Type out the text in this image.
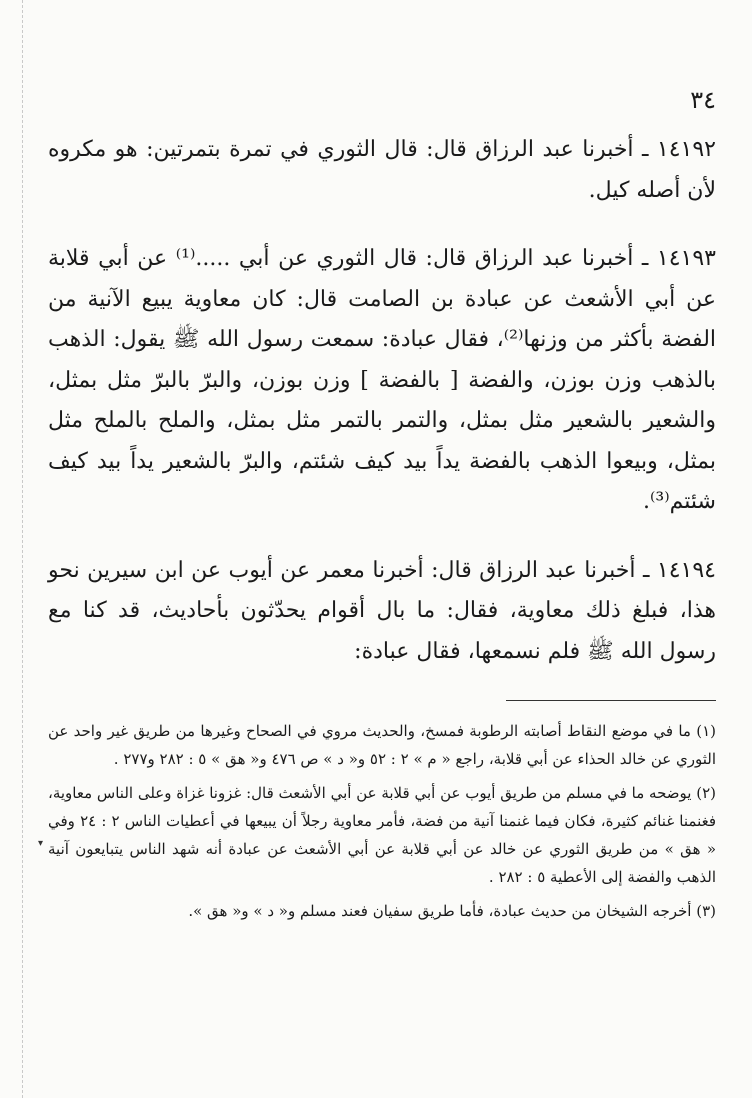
▾
٣٤

١٤١٩٢ ـ أخبرنا عبد الرزاق قال: قال الثوري في تمرة بتمرتين: هو مكروه لأن أصله كيل.

١٤١٩٣ ـ أخبرنا عبد الرزاق قال: قال الثوري عن أبي .....⁽¹⁾ عن أبي قلابة عن أبي الأشعث عن عبادة بن الصامت قال: كان معاوية يبيع الآنية من الفضة بأكثر من وزنها⁽²⁾، فقال عبادة: سمعت رسول الله ﷺ يقول: الذهب بالذهب وزن بوزن، والفضة [ بالفضة ] وزن بوزن، والبرّ بالبرّ مثل بمثل، والشعير بالشعير مثل بمثل، والتمر بالتمر مثل بمثل، والملح بالملح مثل بمثل، وبيعوا الذهب بالفضة يداً بيد كيف شئتم، والبرّ بالشعير يداً بيد كيف شئتم⁽³⁾.

١٤١٩٤ ـ أخبرنا عبد الرزاق قال: أخبرنا معمر عن أيوب عن ابن سيرين نحو هذا، فبلغ ذلك معاوية، فقال: ما بال أقوام يحدّثون بأحاديث، قد كنا مع رسول الله ﷺ فلم نسمعها، فقال عبادة:

(١) ما في موضع النقاط أصابته الرطوبة فمسخ، والحديث مروي في الصحاح وغيرها من طريق غير واحد عن الثوري عن خالد الحذاء عن أبي قلابة، راجع « م » ٢ : ٥٢ و« د » ص ٤٧٦ و« هق » ٥ : ٢٨٢ و٢٧٧ .

(٢) يوضحه ما في مسلم من طريق أيوب عن أبي قلابة عن أبي الأشعث قال: غزونا غزاة وعلى الناس معاوية، فغنمنا غنائم كثيرة، فكان فيما غنمنا آنية من فضة، فأمر معاوية رجلاً أن يبيعها في أعطيات الناس ٢ : ٢٤ وفي « هق » من طريق الثوري عن خالد عن أبي قلابة عن أبي الأشعث عن عبادة أنه شهد الناس يتبايعون آنية الذهب والفضة إلى الأعطية ٥ : ٢٨٢ .

(٣) أخرجه الشيخان من حديث عبادة، فأما طريق سفيان فعند مسلم و« د » و« هق ».
